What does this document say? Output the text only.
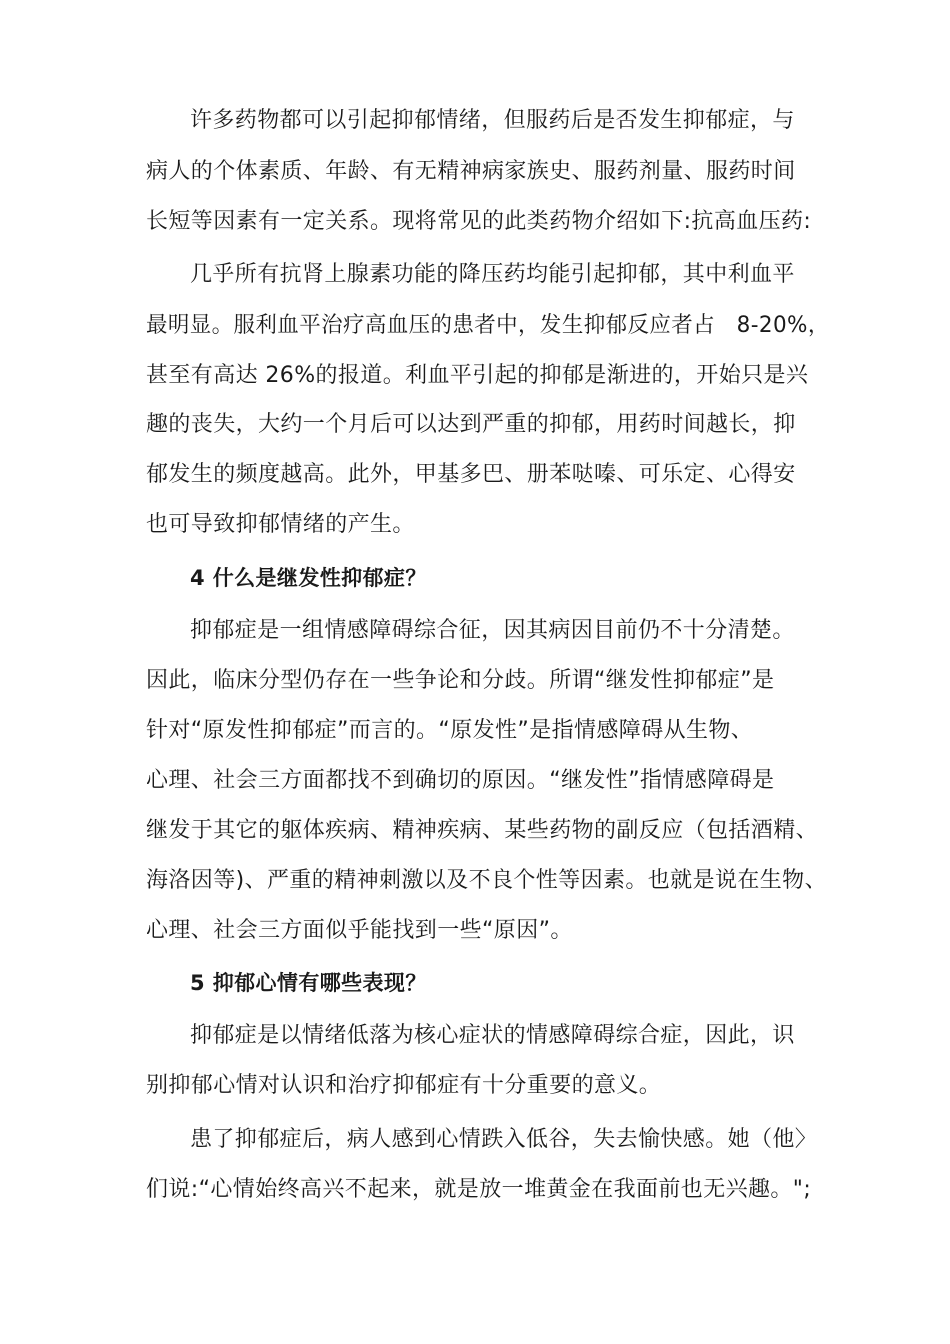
许多药物都可以引起抑郁情绪，但服药后是否发生抑郁症，与
病人的个体素质、年龄、有无精神病家族史、服药剂量、服药时间
长短等因素有一定关系。现将常见的此类药物介绍如下:抗高血压药:
几乎所有抗肾上腺素功能的降压药均能引起抑郁，其中利血平
最明显。服利血平治疗高血压的患者中，发生抑郁反应者占   8-20%，
甚至有高达 26%的报道。利血平引起的抑郁是渐进的，开始只是兴
趣的丧失，大约一个月后可以达到严重的抑郁，用药时间越长，抑
郁发生的频度越高。此外，甲基多巴、册苯哒嗪、可乐定、心得安
也可导致抑郁情绪的产生。
4 什么是继发性抑郁症？
抑郁症是一组情感障碍综合征，因其病因目前仍不十分清楚。
因此，临床分型仍存在一些争论和分歧。所谓“继发性抑郁症”是
针对“原发性抑郁症”而言的。“原发性”是指情感障碍从生物、
心理、社会三方面都找不到确切的原因。“继发性”指情感障碍是
继发于其它的躯体疾病、精神疾病、某些药物的副反应（包括酒精、
海洛因等)、严重的精神刺激以及不良个性等因素。也就是说在生物、
心理、社会三方面似乎能找到一些“原因”。
5 抑郁心情有哪些表现？
抑郁症是以情绪低落为核心症状的情感障碍综合症，因此，识
别抑郁心情对认识和治疗抑郁症有十分重要的意义。
患了抑郁症后，病人感到心情跌入低谷，失去愉快感。她（他〉
们说:“心情始终高兴不起来，就是放一堆黄金在我面前也无兴趣。";
